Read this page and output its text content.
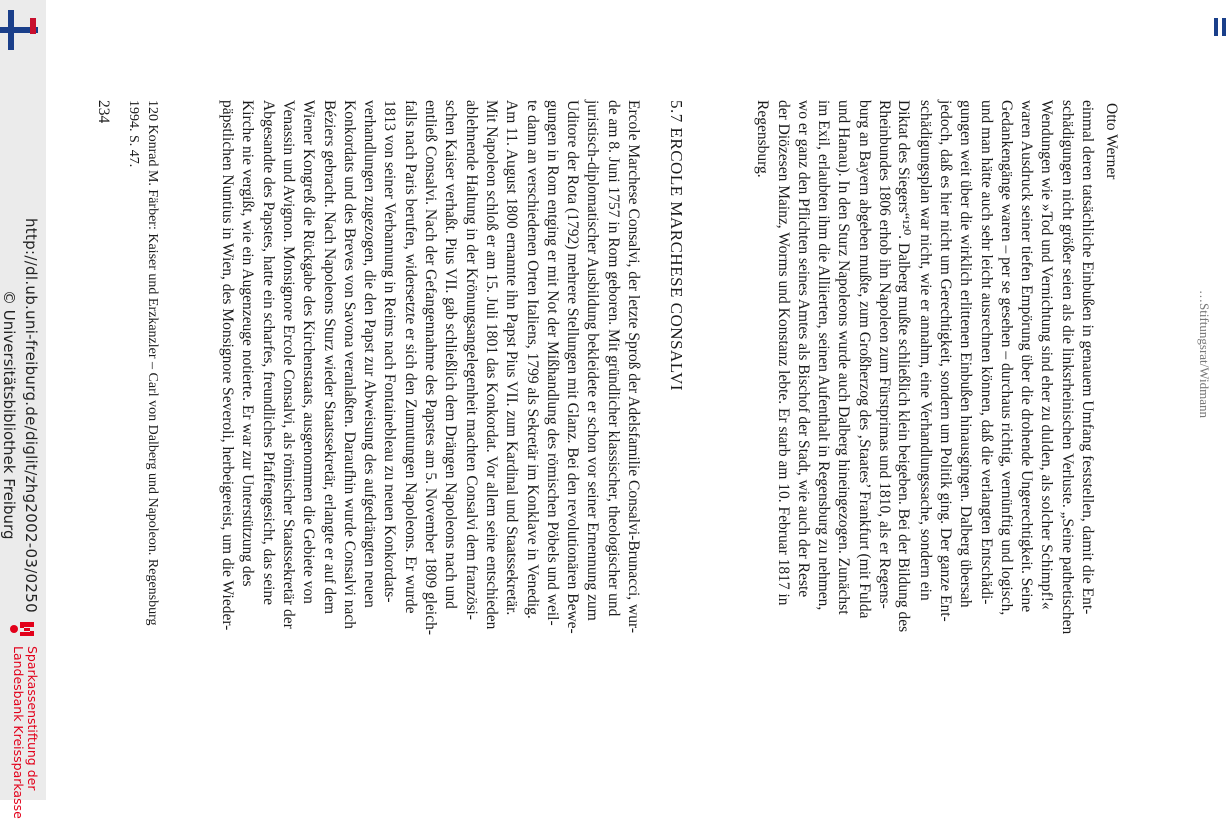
http://dl.ub.uni-freiburg.de/diglit/zhg2002-03/0250
© Universitätsbibliothek Freiburg
Sparkassenstiftung der
Landesbank Kreissparkasse
…Stiftungsrat/Widmann
Otto Werner
einmal deren tatsächliche Einbußen in genauem Umfang feststellen, damit die Ent-
schädigungen nicht größer seien als die linksrheinischen Verluste. „Seine pathetischen
Wendungen wie »Tod und Vernichtung sind eher zu dulden, als solcher Schimpf!«
waren Ausdruck seiner tiefen Empörung über die drohende Ungerechtigkeit. Seine
Gedankengänge waren – per se gesehen – durchaus richtig, vernünftig und logisch,
und man hätte auch sehr leicht ausrechnen können, daß die verlangten Entschädi-
gungen weit über die wirklich erlittenen Einbußen hinausgingen. Dalberg übersah
jedoch, daß es hier nicht um Gerechtigkeit, sondern um Politik ging. Der ganze Ent-
schädigungsplan war nicht, wie er annahm, eine Verhandlungssache, sondern ein
Diktat des Siegers“¹²⁰. Dalberg mußte schließlich klein beigeben. Bei der Bildung des
Rheinbundes 1806 erhob ihn Napoleon zum Fürstprimas und 1810, als er Regens-
burg an Bayern abgeben mußte, zum Großherzog des ‚Staates’ Frankfurt (mit Fulda
und Hanau). In den Sturz Napoleons wurde auch Dalberg hineingezogen. Zunächst
im Exil, erlaubten ihm die Alliierten, seinen Aufenthalt in Regensburg zu nehmen,
wo er ganz den Pflichten seines Amtes als Bischof der Stadt, wie auch der Reste
der Diözesen Mainz, Worms und Konstanz lebte. Er starb am 10. Februar 1817 in
Regensburg.
5.7 ERCOLE MARCHESE CONSALVI
Ercole Marchese Consalvi, der letzte Sproß der Adelsfamilie Consalvi-Brunacci, wur-
de am 8. Juni 1757 in Rom geboren. Mit gründlicher klassischer, theologischer und
juristisch-diplomatischer Ausbildung bekleidete er schon vor seiner Ernennung zum
Uditore der Rota (1792) mehrere Stellungen mit Glanz. Bei den revolutionären Bewe-
gungen in Rom entging er mit Not der Mißhandlung des römischen Pöbels und weil-
te dann an verschiedenen Orten Italiens, 1799 als Sekretär im Konklave in Venedig.
Am 11. August 1800 ernannte ihn Papst Pius VII. zum Kardinal und Staatssekretär.
Mit Napoleon schloß er am 15. Juli 1801 das Konkordat. Vor allem seine entschieden
ablehnende Haltung in der Krönungsangelegenheit machten Consalvi dem französi-
schen Kaiser verhaßt. Pius VII. gab schließlich dem Drängen Napoleons nach und
entließ Consalvi. Nach der Gefangennahme des Papstes am 5. November 1809 gleich-
falls nach Paris berufen, widersetzte er sich den Zumutungen Napoleons. Er wurde
1813 von seiner Verbannung in Reims nach Fontainebleau zu neuen Konkordats-
verhandlungen zugezogen, die den Papst zur Abweisung des aufgedrängten neuen
Konkordats und des Breves von Savona veranlaßten. Daraufhin wurde Consalvi nach
Béziers gebracht. Nach Napoleons Sturz wieder Staatssekretär, erlangte er auf dem
Wiener Kongreß die Rückgabe des Kirchenstaats, ausgenommen die Gebiete von
Venassin und Avignon. Monsignore Ercole Consalvi, als römischer Staatssekretär der
Abgesandte des Papstes, hatte ein scharfes, freundliches Pfaffengesicht, das seine
Kirche nie vergißt, wie ein Augenzeuge notierte. Er war zur Unterstützung des
päpstlichen Nuntius in Wien, des Monsignore Severoli, herbeigereist, um die Wieder-
120 Konrad M. Färber: Kaiser und Erzkanzler – Carl von Dalberg und Napoleon. Regensburg
1994. S. 47.
234
